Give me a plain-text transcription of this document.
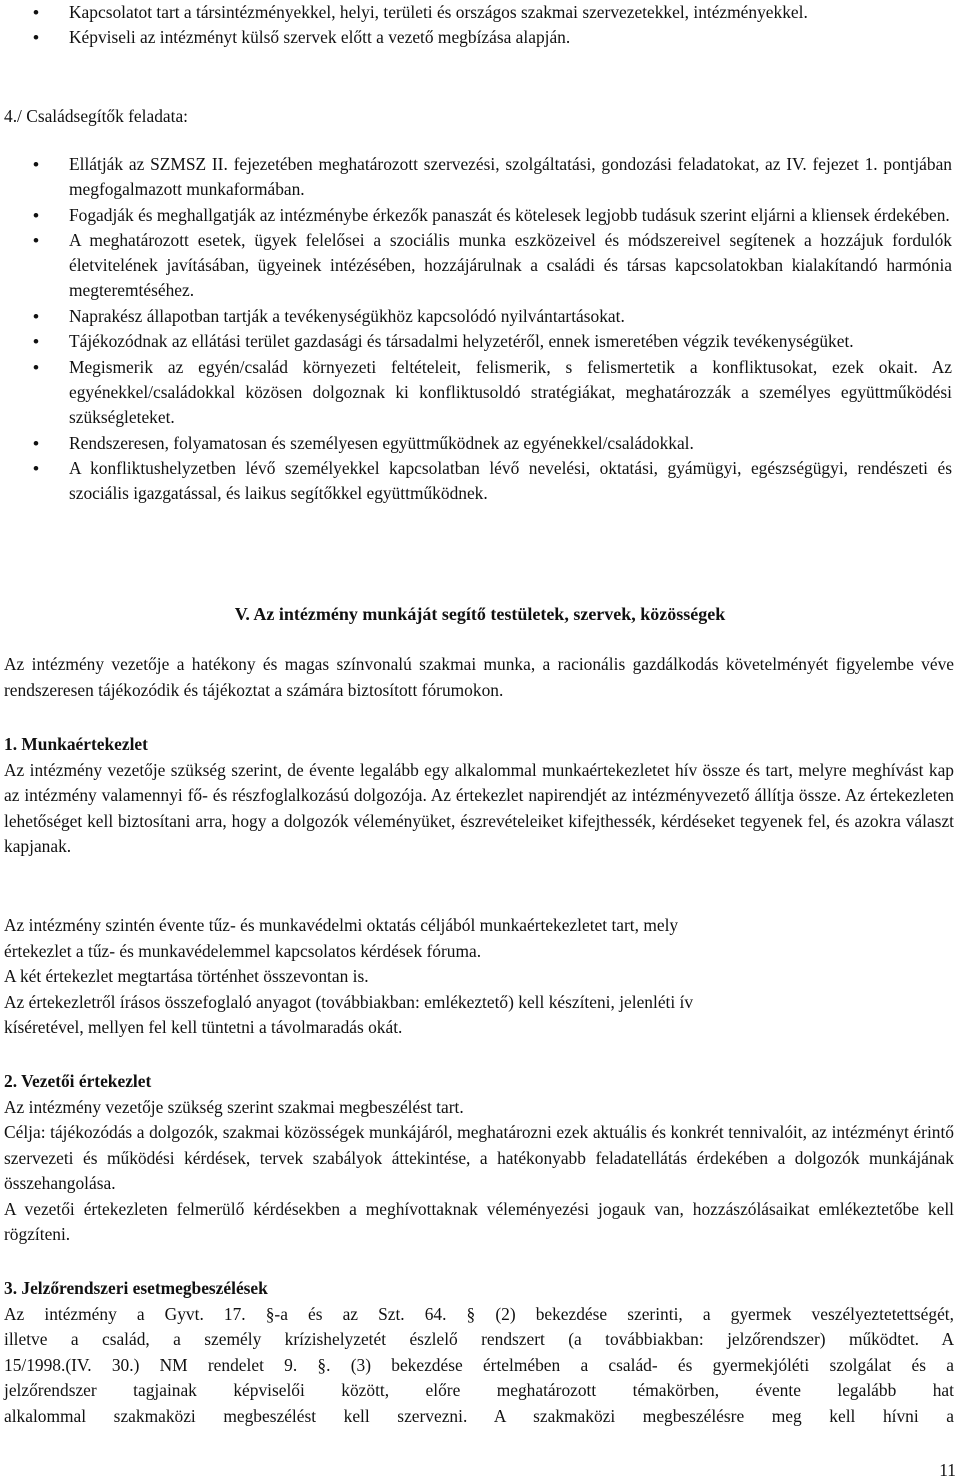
• Kapcsolatot tart a társintézményekkel, helyi, területi és országos szakmai szervezetekkel, intézményekkel.
• Képviseli az intézményt külső szervek előtt a vezető megbízása alapján.
4./ Családsegítők feladata:
• Ellátják az SZMSZ II. fejezetében meghatározott szervezési, szolgáltatási, gondozási feladatokat, az IV. fejezet 1. pontjában megfogalmazott munkaformában.
• Fogadják és meghallgatják az intézménybe érkezők panaszát és kötelesek legjobb tudásuk szerint eljárni a kliensek érdekében.
• A meghatározott esetek, ügyek felelősei a szociális munka eszközeivel és módszereivel segítenek a hozzájuk fordulók életvitelének javításában, ügyeinek intézésében, hozzájárulnak a családi és társas kapcsolatokban kialakítandó harmónia megteremtéséhez.
• Naprakész állapotban tartják a tevékenységükhöz kapcsolódó nyilvántartásokat.
• Tájékozódnak az ellátási terület gazdasági és társadalmi helyzetéről, ennek ismeretében végzik tevékenységüket.
• Megismerik az egyén/család környezeti feltételeit, felismerik, s felismertetik a konfliktusokat, ezek okait. Az egyénekkel/családokkal közösen dolgoznak ki konfliktusoldó stratégiákat, meghatározzák a személyes együttműködési szükségleteket.
• Rendszeresen, folyamatosan és személyesen együttműködnek az egyénekkel/családokkal.
• A konfliktushelyzetben lévő személyekkel kapcsolatban lévő nevelési, oktatási, gyámügyi, egészségügyi, rendészeti és szociális igazgatással, és laikus segítőkkel együttműködnek.
V. Az intézmény munkáját segítő testületek, szervek, közösségek
Az intézmény vezetője a hatékony és magas színvonalú szakmai munka, a racionális gazdálkodás követelményét figyelembe véve rendszeresen tájékozódik és tájékoztat a számára biztosított fórumokon.
1. Munkaértekezlet
Az intézmény vezetője szükség szerint, de évente legalább egy alkalommal munkaértekezletet hív össze és tart, melyre meghívást kap az intézmény valamennyi fő- és részfoglalkozású dolgozója. Az értekezlet napirendjét az intézményvezető állítja össze. Az értekezleten lehetőséget kell biztosítani arra, hogy a dolgozók véleményüket, észrevételeiket kifejthessék, kérdéseket tegyenek fel, és azokra választ kapjanak.
Az intézmény szintén évente tűz- és munkavédelmi oktatás céljából munkaértekezletet tart, mely
értekezlet a tűz- és munkavédelemmel kapcsolatos kérdések fóruma.
A két értekezlet megtartása történhet összevontan is.
Az értekezletről írásos összefoglaló anyagot (továbbiakban: emlékeztető) kell készíteni, jelenléti ív
kíséretével, mellyen fel kell tüntetni a távolmaradás okát.
2. Vezetői értekezlet
Az intézmény vezetője szükség szerint szakmai megbeszélést tart.
Célja: tájékozódás a dolgozók, szakmai közösségek munkájáról, meghatározni ezek aktuális és konkrét tennivalóit, az intézményt érintő szervezeti és működési kérdések, tervek szabályok áttekintése, a hatékonyabb feladatellátás érdekében a dolgozók munkájának összehangolása.
A vezetői értekezleten felmerülő kérdésekben a meghívottaknak véleményezési jogauk van, hozzászólásaikat emlékeztetőbe kell rögzíteni.
3. Jelzőrendszeri esetmegbeszélések
Az intézmény a Gyvt. 17. §-a és az Szt. 64. § (2) bekezdése szerinti, a gyermek veszélyeztetettségét,
illetve a család, a személy krízishelyzetét észlelő rendszert (a továbbiakban: jelzőrendszer) működtet. A
15/1998.(IV. 30.) NM rendelet 9. §. (3) bekezdése értelmében a család- és gyermekjóléti szolgálat és a
jelzőrendszer tagjainak képviselői között, előre meghatározott témakörben, évente legalább hat
alkalommal szakmaközi megbeszélést kell szervezni. A szakmaközi megbeszélésre meg kell hívni a
11
